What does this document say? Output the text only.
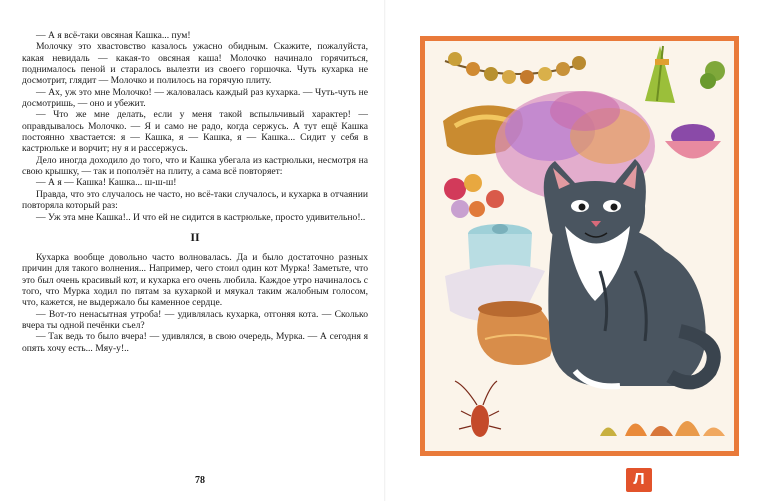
— А я всё-таки овсяная Кашка... пум!

Молочку это хвастовство казалось ужасно обидным. Скажите, пожалуйста, какая невидаль — какая-то овсяная каша! Молочко начинало горячиться, поднималось пеной и старалось вылезти из своего горшочка. Чуть кухарка не досмотрит, глядит — Молочко и полилось на горячую плиту.

— Ах, уж это мне Молочко! — жаловалась каждый раз кухарка. — Чуть-чуть не досмотришь, — оно и убежит.

— Что же мне делать, если у меня такой вспыльчивый характер! — оправдывалось Молочко. — Я и само не радо, когда сержусь. А тут ещё Кашка постоянно хвастается: я — Кашка, я — Кашка, я — Кашка... Сидит у себя в кастрюльке и ворчит; ну я и рассержусь.

Дело иногда доходило до того, что и Кашка убегала из кастрюльки, несмотря на свою крышку, — так и пополэёт на плиту, а сама всё повторяет:

— А я — Кашка! Кашка... ш-ш-ш!

Правда, что это случалось не часто, но всё-таки случалось, и кухарка в отчаянии повторяла который раз:

— Уж эта мне Кашка!.. И что ей не сидится в кастрюльке, просто удивительно!..

II

Кухарка вообще довольно часто волновалась. Да и было достаточно разных причин для такого волнения... Например, чего стоил один кот Мурка! Заметьте, что это был очень красивый кот, и кухарка его очень любила. Каждое утро начиналось с того, что Мурка ходил по пятам за кухаркой и мяукал таким жалобным голосом, что, кажется, не выдержало бы каменное сердце.

— Вот-то ненасытная утроба! — удивлялась кухарка, отгоняя кота. — Сколько вчера ты одной печёнки съел?

— Так ведь то было вчера! — удивлялся, в свою очередь, Мурка. — А сегодня я опять хочу есть... Мяу-у!..

78	Л
